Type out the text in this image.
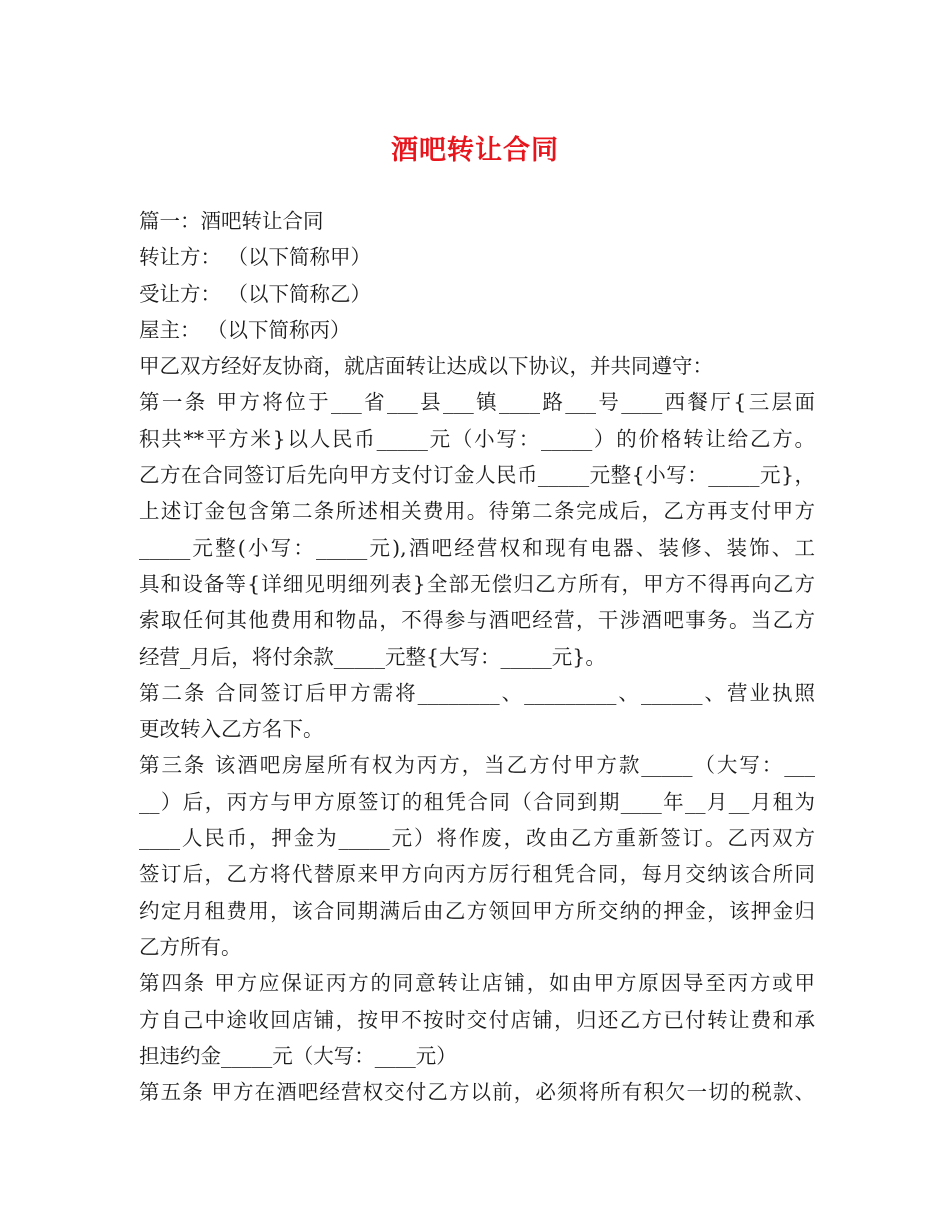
酒吧转让合同
篇一：酒吧转让合同
转让方： （以下简称甲）
受让方： （以下简称乙）
屋主： （以下简称丙）
甲乙双方经好友协商，就店面转让达成以下协议，并共同遵守：
第一条 甲方将位于___省___县___镇____路___号____西餐厅{三层面
积共**平方米}以人民币_____元（小写：_____）的价格转让给乙方。
乙方在合同签订后先向甲方支付订金人民币_____元整{小写：_____元}，
上述订金包含第二条所述相关费用。待第二条完成后，乙方再支付甲方
_____元整(小写：_____元),酒吧经营权和现有电器、装修、装饰、工
具和设备等{详细见明细列表}全部无偿归乙方所有，甲方不得再向乙方
索取任何其他费用和物品，不得参与酒吧经营，干涉酒吧事务。当乙方
经营_月后，将付余款_____元整{大写：_____元}。
第二条 合同签订后甲方需将________、_________、______、营业执照
更改转入乙方名下。
第三条 该酒吧房屋所有权为丙方，当乙方付甲方款_____（大写：___
__）后，丙方与甲方原签订的租凭合同（合同到期____年__月__月租为
____人民币，押金为_____元）将作废，改由乙方重新签订。乙丙双方
签订后，乙方将代替原来甲方向丙方厉行租凭合同，每月交纳该合所同
约定月租费用，该合同期满后由乙方领回甲方所交纳的押金，该押金归
乙方所有。
第四条 甲方应保证丙方的同意转让店铺，如由甲方原因导至丙方或甲
方自己中途收回店铺，按甲不按时交付店铺，归还乙方已付转让费和承
担违约金_____元（大写：____元）
第五条 甲方在酒吧经营权交付乙方以前，必须将所有积欠一切的税款、
